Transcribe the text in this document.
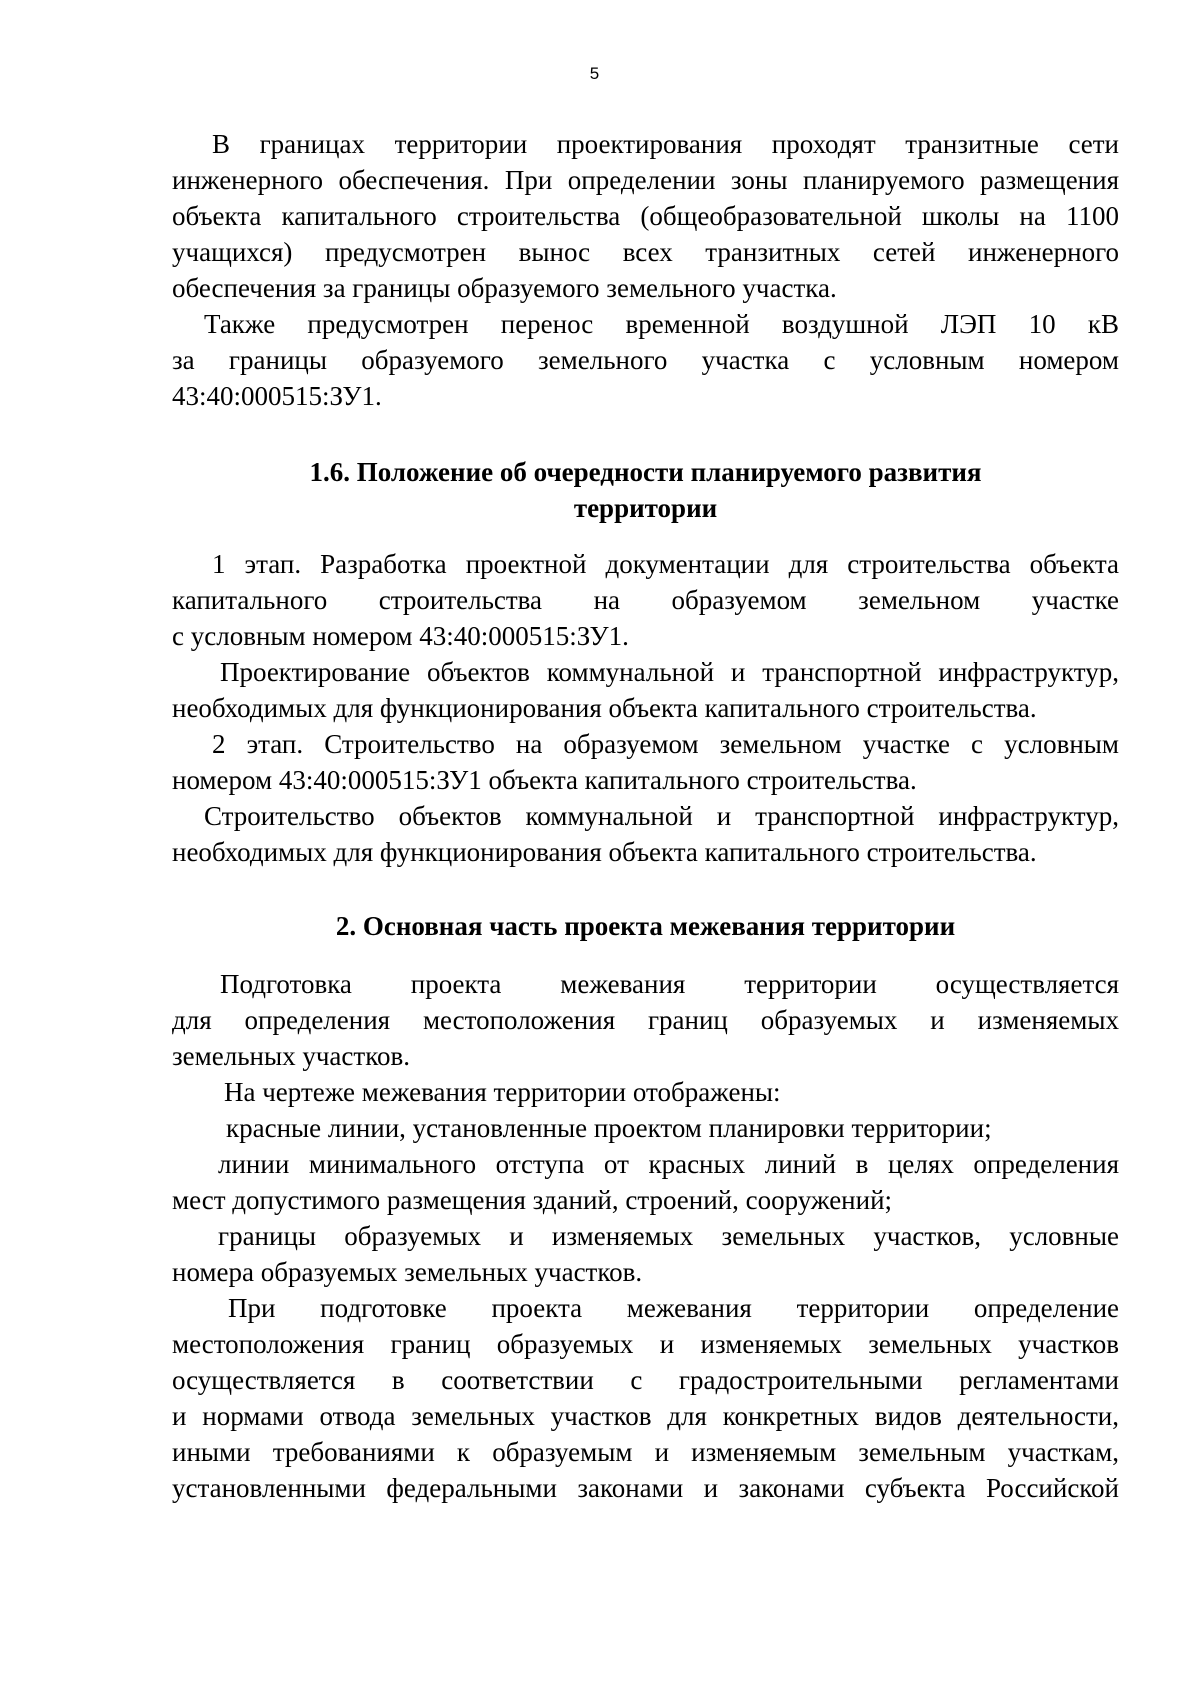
5
В границах территории проектирования проходят транзитные сети
инженерного обеспечения. При определении зоны планируемого размещения
объекта капитального строительства (общеобразовательной школы на 1100
учащихся) предусмотрен вынос всех транзитных сетей инженерного
обеспечения за границы образуемого земельного участка.
Также предусмотрен перенос временной воздушной ЛЭП 10 кВ
за границы образуемого земельного участка с условным номером
43:40:000515:ЗУ1.
1.6. Положение об очередности планируемого развития
территории
1 этап. Разработка проектной документации для строительства объекта
капитального строительства на образуемом земельном участке
с условным номером 43:40:000515:ЗУ1.
Проектирование объектов коммунальной и транспортной инфраструктур,
необходимых для функционирования объекта капитального строительства.
2 этап. Строительство на образуемом земельном участке с условным
номером 43:40:000515:ЗУ1 объекта капитального строительства.
Строительство объектов коммунальной и транспортной инфраструктур,
необходимых для функционирования объекта капитального строительства.
2. Основная часть проекта межевания территории
Подготовка проекта межевания территории осуществляется
для определения местоположения границ образуемых и изменяемых
земельных участков.
На чертеже межевания территории отображены:
красные линии, установленные проектом планировки территории;
линии минимального отступа от красных линий в целях определения
мест допустимого размещения зданий, строений, сооружений;
границы образуемых и изменяемых земельных участков, условные
номера образуемых земельных участков.
При подготовке проекта межевания территории определение
местоположения границ образуемых и изменяемых земельных участков
осуществляется в соответствии с градостроительными регламентами
и нормами отвода земельных участков для конкретных видов деятельности,
иными требованиями к образуемым и изменяемым земельным участкам,
установленными федеральными законами и законами субъекта Российской
